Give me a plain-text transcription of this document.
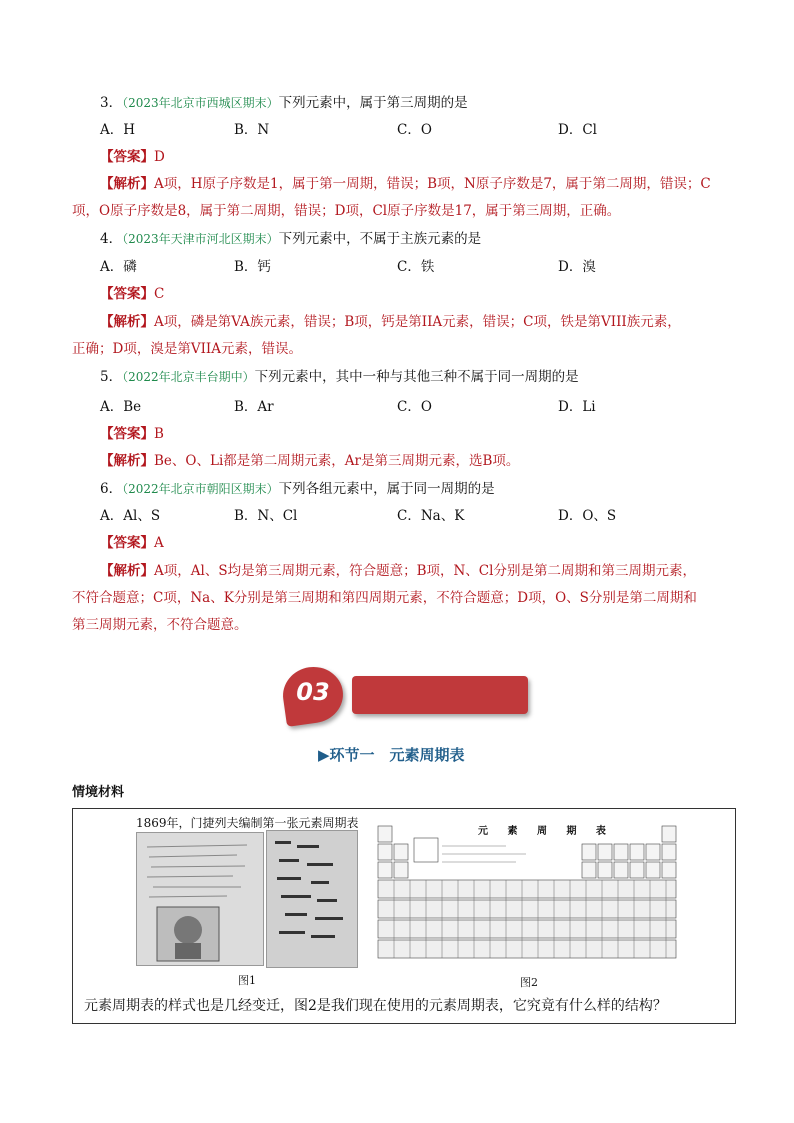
3．（2023年北京市西城区期末）下列元素中，属于第三周期的是
A．H	B．N	C．O	D．Cl
【答案】D
【解析】A项，H原子序数是1，属于第一周期，错误；B项，N原子序数是7，属于第二周期，错误；C
项，O原子序数是8，属于第二周期，错误；D项，Cl原子序数是17，属于第三周期，正确。
4．（2023年天津市河北区期末）下列元素中，不属于主族元素的是
A．磷	B．钙	C．铁	D．溴
【答案】C
【解析】A项，磷是第VA族元素，错误；B项，钙是第IIA元素，错误；C项，铁是第VIII族元素，
正确；D项，溴是第VIIA元素，错误。
5．（2022年北京丰台期中）下列元素中，其中一种与其他三种不属于同一周期的是
A．Be	B．Ar	C．O	D．Li
【答案】B
【解析】Be、O、Li都是第二周期元素，Ar是第三周期元素，选B项。
6．（2022年北京市朝阳区期末）下列各组元素中，属于同一周期的是
A．Al、S	B．N、Cl	C．Na、K	D．O、S
【答案】A
【解析】A项，Al、S均是第三周期元素，符合题意；B项，N、Cl分别是第二周期和第三周期元素，
不符合题意；C项，Na、K分别是第三周期和第四周期元素，不符合题意；D项，O、S分别是第二周期和
第三周期元素，不符合题意。
03
▶环节一　元素周期表
情境材料
1869年，门捷列夫编制第一张元素周期表
图1
元 素 周 期 表
图2
元素周期表的样式也是几经变迁，图2是我们现在使用的元素周期表，它究竟有什么样的结构？
